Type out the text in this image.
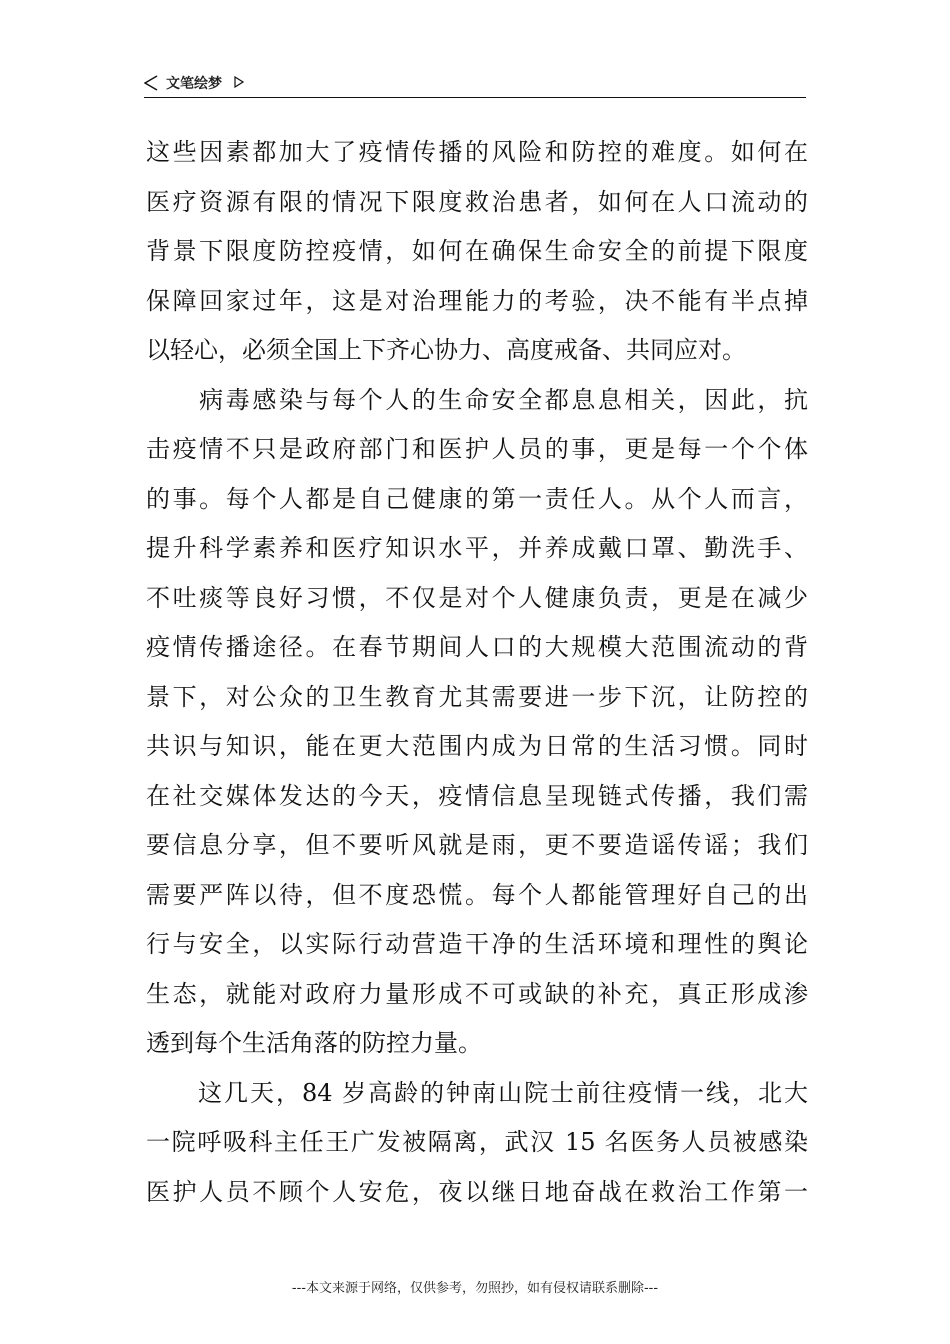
文笔绘梦
这些因素都加大了疫情传播的风险和防控的难度。如何在
医疗资源有限的情况下限度救治患者，如何在人口流动的
背景下限度防控疫情，如何在确保生命安全的前提下限度
保障回家过年，这是对治理能力的考验，决不能有半点掉
以轻心，必须全国上下齐心协力、高度戒备、共同应对。
　　病毒感染与每个人的生命安全都息息相关，因此，抗
击疫情不只是政府部门和医护人员的事，更是每一个个体
的事。每个人都是自己健康的第一责任人。从个人而言，
提升科学素养和医疗知识水平，并养成戴口罩、勤洗手、
不吐痰等良好习惯，不仅是对个人健康负责，更是在减少
疫情传播途径。在春节期间人口的大规模大范围流动的背
景下，对公众的卫生教育尤其需要进一步下沉，让防控的
共识与知识，能在更大范围内成为日常的生活习惯。同时
在社交媒体发达的今天，疫情信息呈现链式传播，我们需
要信息分享，但不要听风就是雨，更不要造谣传谣；我们
需要严阵以待，但不度恐慌。每个人都能管理好自己的出
行与安全，以实际行动营造干净的生活环境和理性的舆论
生态，就能对政府力量形成不可或缺的补充，真正形成渗
透到每个生活角落的防控力量。
　　这几天，84 岁高龄的钟南山院士前往疫情一线，北大
一院呼吸科主任王广发被隔离，武汉 15 名医务人员被感染
医护人员不顾个人安危，夜以继日地奋战在救治工作第一
---本文来源于网络，仅供参考，勿照抄，如有侵权请联系删除---
